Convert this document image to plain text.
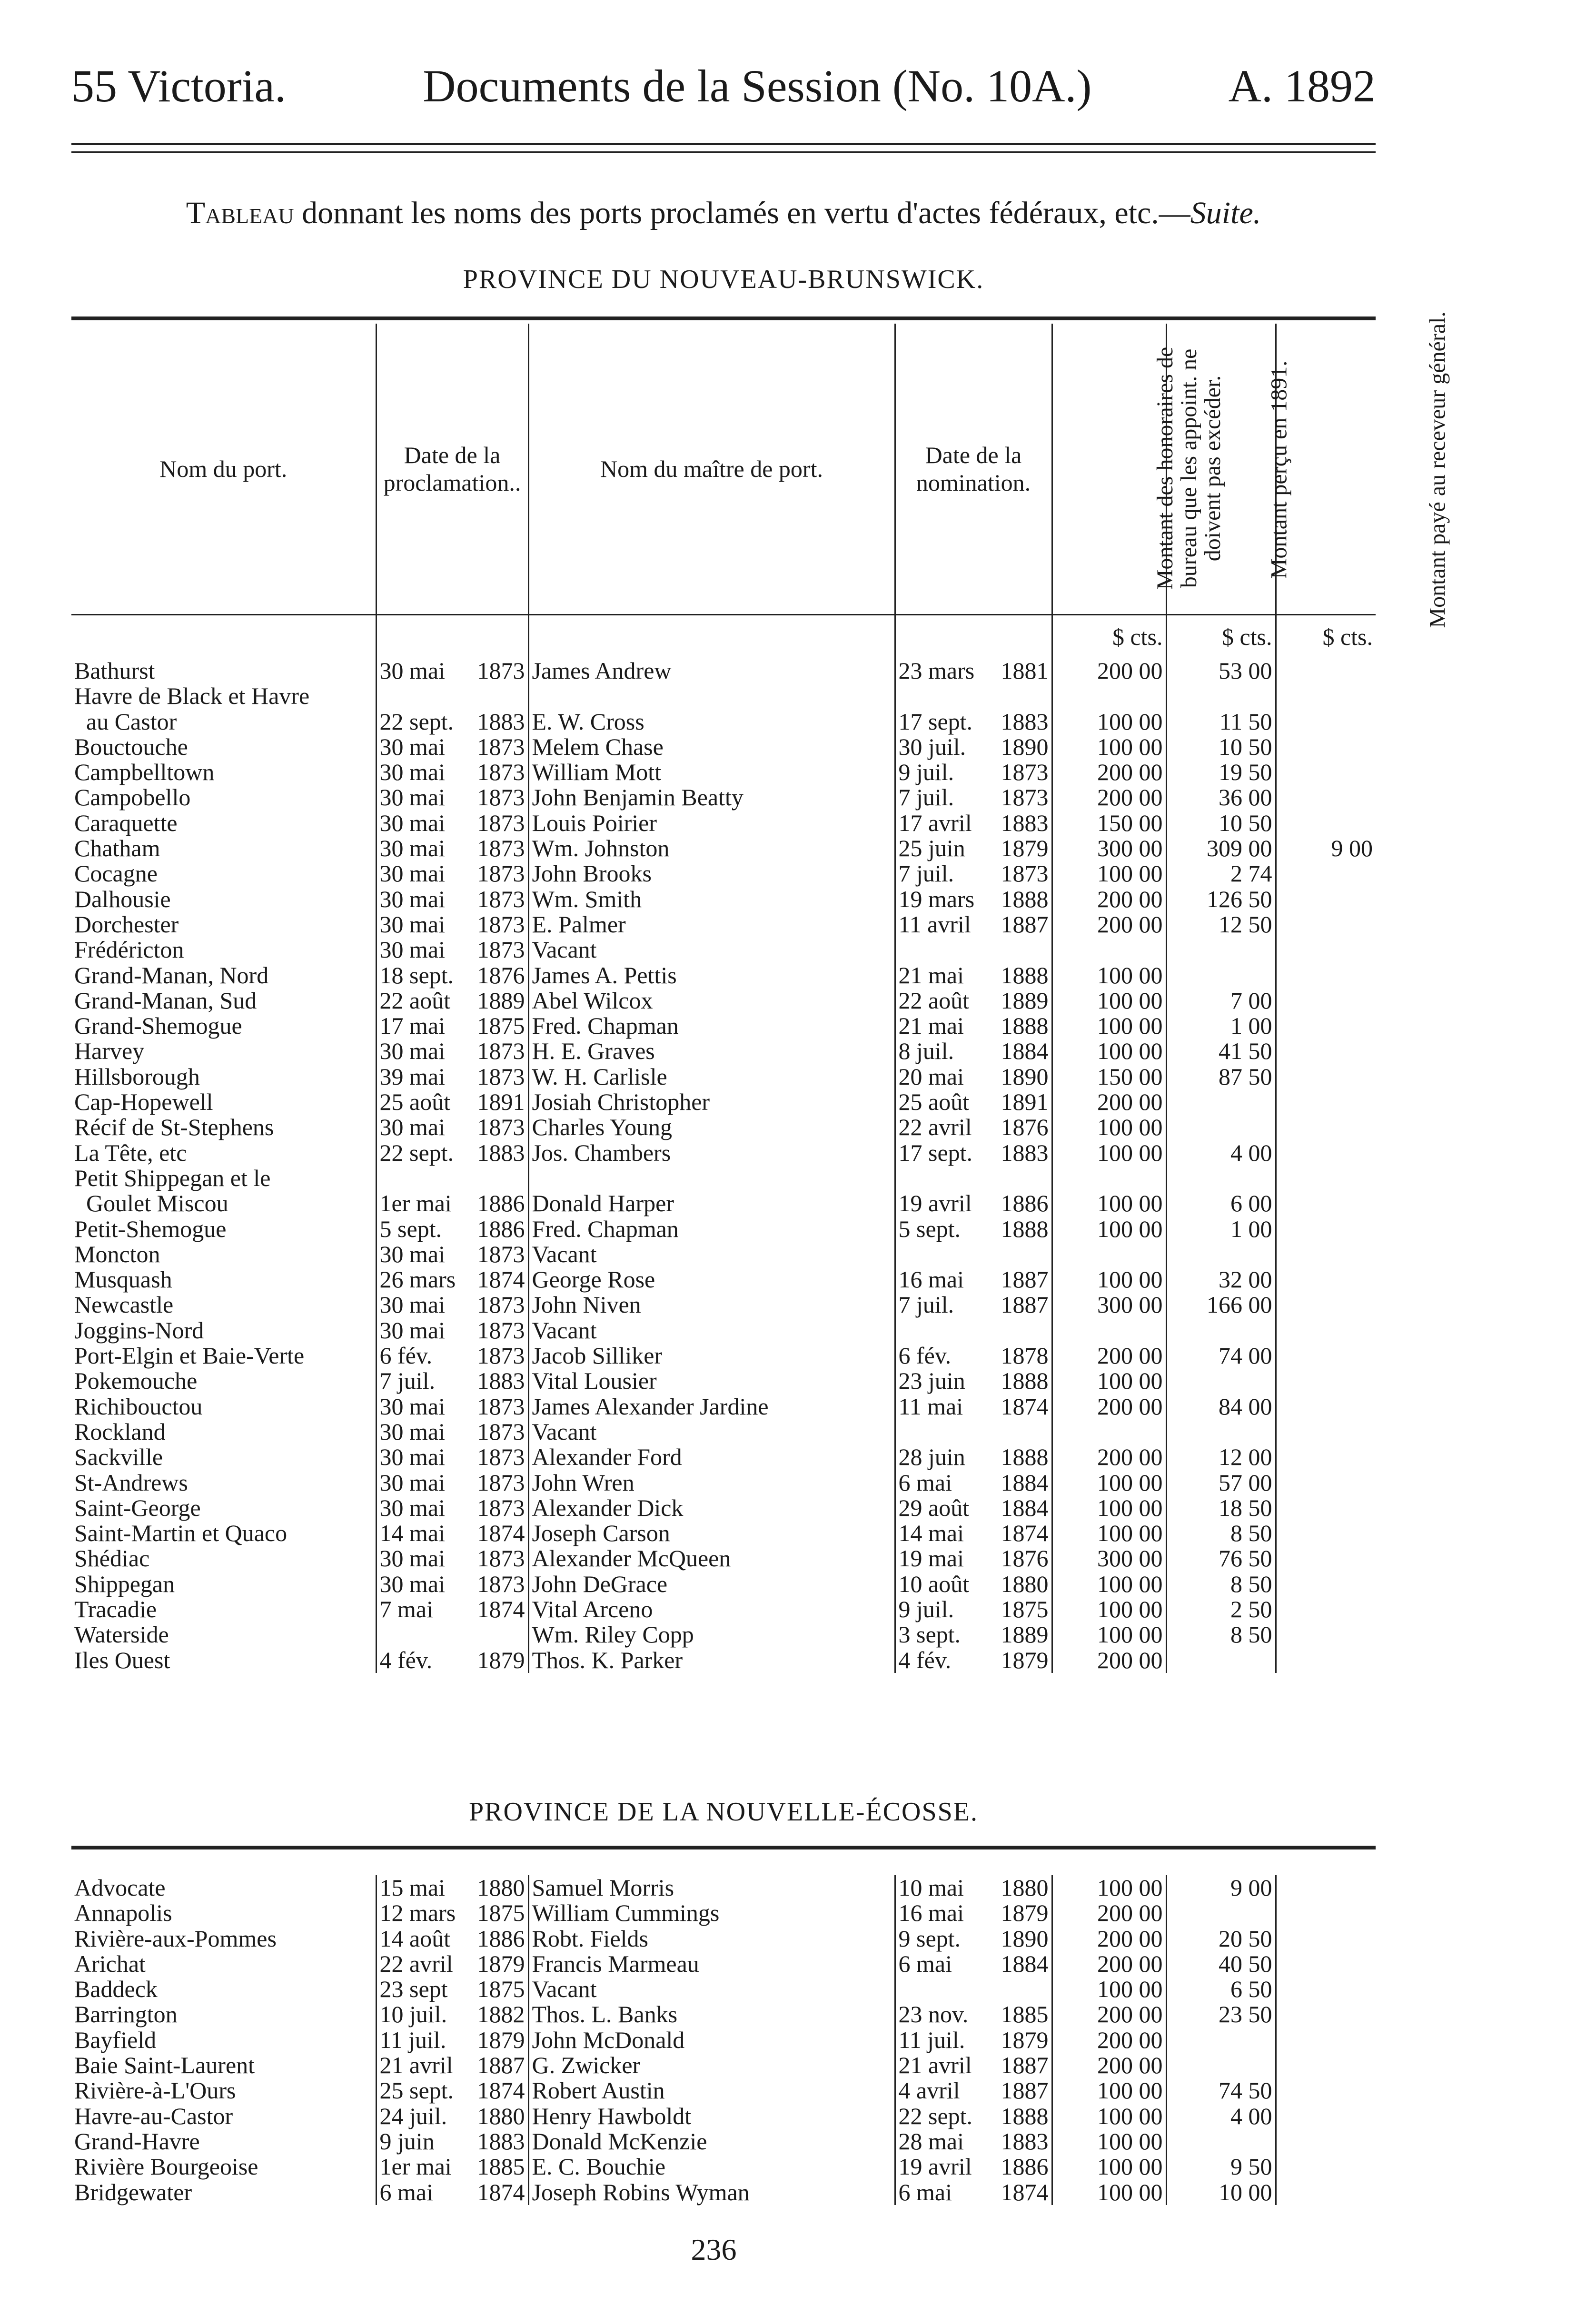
55 Victoria.	Documents de la Session (No. 10A.)	A. 1892
Tableau donnant les noms des ports proclamés en vertu d'actes fédéraux, etc.—Suite.
PROVINCE DU NOUVEAU-BRUNSWICK.
Nom du port.	Date de la proclamation..	Nom du maître de port.	Date de la nomination.	Montant des honoraires de bureau que les appoint. ne doivent pas excéder.	Montant perçu en 1891.	Montant payé au receveur général.
				$ cts.	$ cts.	$ cts.
Bathurst	30 mai 1873	James Andrew	23 mars 1881	200 00	53 00	
Havre de Black et Havre	

au Castor	22 sept. 1883	E. W. Cross	17 sept. 1883	100 00	11 50	
Bouctouche	30 mai 1873	Melem Chase	30 juil. 1890	100 00	10 50	
Campbelltown	30 mai 1873	William Mott	9 juil. 1873	200 00	19 50	
Campobello	30 mai 1873	John Benjamin Beatty	7 juil. 1873	200 00	36 00	
Caraquette	30 mai 1873	Louis Poirier	17 avril 1883	150 00	10 50	
Chatham	30 mai 1873	Wm. Johnston	25 juin 1879	300 00	309 00	9 00
Cocagne	30 mai 1873	John Brooks	7 juil. 1873	100 00	2 74	
Dalhousie	30 mai 1873	Wm. Smith	19 mars 1888	200 00	126 50	
Dorchester	30 mai 1873	E. Palmer	11 avril 1887	200 00	12 50	
Frédéricton	30 mai 1873	Vacant	

Grand-Manan, Nord	18 sept. 1876	James A. Pettis	21 mai 1888	100 00		
Grand-Manan, Sud	22 août 1889	Abel Wilcox	22 août 1889	100 00	7 00	
Grand-Shemogue	17 mai 1875	Fred. Chapman	21 mai 1888	100 00	1 00	
Harvey	30 mai 1873	H. E. Graves	8 juil. 1884	100 00	41 50	
Hillsborough	39 mai 1873	W. H. Carlisle	20 mai 1890	150 00	87 50	
Cap-Hopewell	25 août 1891	Josiah Christopher	25 août 1891	200 00		
Récif de St-Stephens	30 mai 1873	Charles Young	22 avril 1876	100 00		
La Tête, etc	22 sept. 1883	Jos. Chambers	17 sept. 1883	100 00	4 00	
Petit Shippegan et le	

Goulet Miscou	1er mai 1886	Donald Harper	19 avril 1886	100 00	6 00	
Petit-Shemogue	5 sept. 1886	Fred. Chapman	5 sept. 1888	100 00	1 00	
Moncton	30 mai 1873	Vacant	

Musquash	26 mars 1874	George Rose	16 mai 1887	100 00	32 00	
Newcastle	30 mai 1873	John Niven	7 juil. 1887	300 00	166 00	
Joggins-Nord	30 mai 1873	Vacant	

Port-Elgin et Baie-Verte	6 fév. 1873	Jacob Silliker	6 fév. 1878	200 00	74 00	
Pokemouche	7 juil. 1883	Vital Lousier	23 juin 1888	100 00		
Richibouctou	30 mai 1873	James Alexander Jardine	11 mai 1874	200 00	84 00	
Rockland	30 mai 1873	Vacant	

Sackville	30 mai 1873	Alexander Ford	28 juin 1888	200 00	12 00	
St-Andrews	30 mai 1873	John Wren	6 mai 1884	100 00	57 00	
Saint-George	30 mai 1873	Alexander Dick	29 août 1884	100 00	18 50	
Saint-Martin et Quaco	14 mai 1874	Joseph Carson	14 mai 1874	100 00	8 50	
Shédiac	30 mai 1873	Alexander McQueen	19 mai 1876	300 00	76 50	
Shippegan	30 mai 1873	John DeGrace	10 août 1880	100 00	8 50	
Tracadie	7 mai 1874	Vital Arceno	9 juil. 1875	100 00	2 50	
Waterside		Wm. Riley Copp	3 sept. 1889	100 00	8 50	
Iles Ouest	4 fév. 1879	Thos. K. Parker	4 fév. 1879	200 00		
PROVINCE DE LA NOUVELLE-ÉCOSSE.
Advocate	15 mai 1880	Samuel Morris	10 mai 1880	100 00	9 00	
Annapolis	12 mars 1875	William Cummings	16 mai 1879	200 00		
Rivière-aux-Pommes	14 août 1886	Robt. Fields	9 sept. 1890	200 00	20 50	
Arichat	22 avril 1879	Francis Marmeau	6 mai 1884	200 00	40 50	
Baddeck	23 sept 1875	Vacant		100 00	6 50	
Barrington	10 juil. 1882	Thos. L. Banks	23 nov. 1885	200 00	23 50	
Bayfield	11 juil. 1879	John McDonald	11 juil. 1879	200 00		
Baie Saint-Laurent	21 avril 1887	G. Zwicker	21 avril 1887	200 00		
Rivière-à-L'Ours	25 sept. 1874	Robert Austin	4 avril 1887	100 00	74 50	
Havre-au-Castor	24 juil. 1880	Henry Hawboldt	22 sept. 1888	100 00	4 00	
Grand-Havre	9 juin 1883	Donald McKenzie	28 mai 1883	100 00		
Rivière Bourgeoise	1er mai 1885	E. C. Bouchie	19 avril 1886	100 00	9 50	
Bridgewater	6 mai 1874	Joseph Robins Wyman	6 mai 1874	100 00	10 00	
236
